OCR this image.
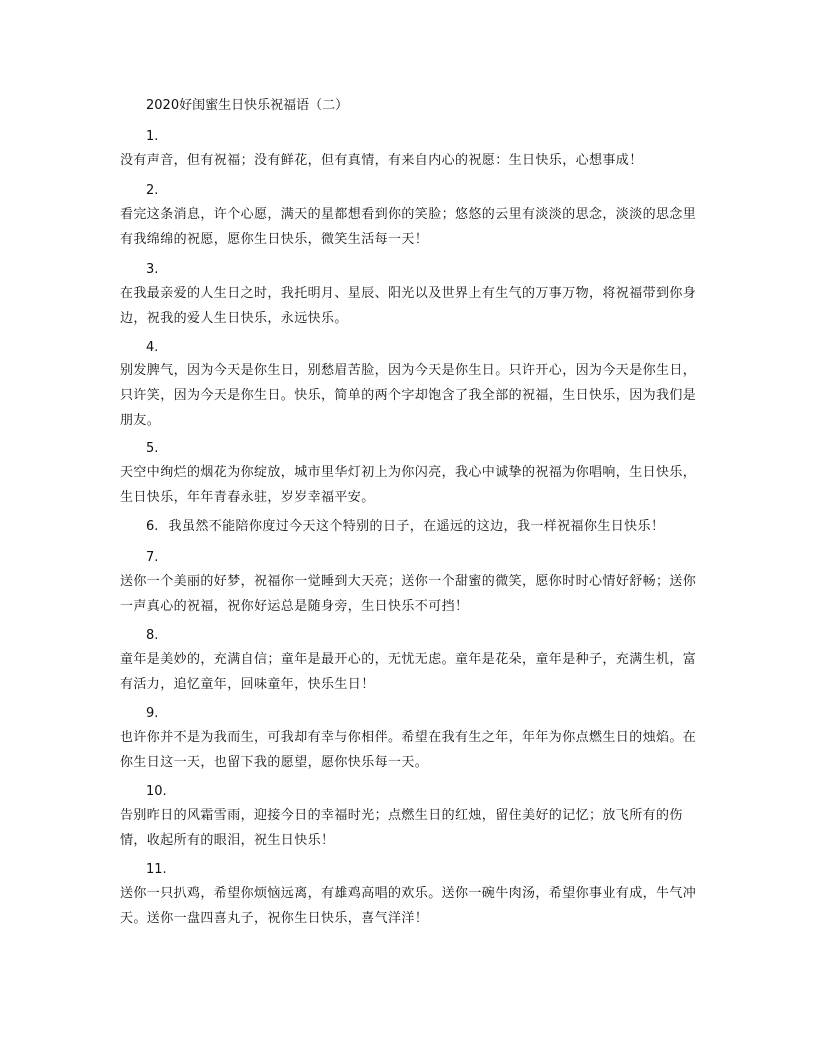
2020好闺蜜生日快乐祝福语（二）
1.
没有声音，但有祝福；没有鲜花，但有真情，有来自内心的祝愿：生日快乐，心想事成！
2.
看完这条消息，许个心愿，满天的星都想看到你的笑脸；悠悠的云里有淡淡的思念，淡淡的思念里有我绵绵的祝愿，愿你生日快乐，微笑生活每一天！
3.
在我最亲爱的人生日之时，我托明月、星辰、阳光以及世界上有生气的万事万物，将祝福带到你身边，祝我的爱人生日快乐，永远快乐。
4.
别发脾气，因为今天是你生日，别愁眉苦脸，因为今天是你生日。只许开心，因为今天是你生日，只许笑，因为今天是你生日。快乐，简单的两个字却饱含了我全部的祝福，生日快乐，因为我们是朋友。
5.
天空中绚烂的烟花为你绽放，城市里华灯初上为你闪亮，我心中诚挚的祝福为你唱响，生日快乐，生日快乐，年年青春永驻，岁岁幸福平安。
6. 我虽然不能陪你度过今天这个特别的日子，在遥远的这边，我一样祝福你生日快乐！
7.
送你一个美丽的好梦，祝福你一觉睡到大天亮；送你一个甜蜜的微笑，愿你时时心情好舒畅；送你一声真心的祝福，祝你好运总是随身旁，生日快乐不可挡！
8.
童年是美妙的，充满自信；童年是最开心的，无忧无虑。童年是花朵，童年是种子，充满生机，富有活力，追忆童年，回味童年，快乐生日！
9.
也许你并不是为我而生，可我却有幸与你相伴。希望在我有生之年，年年为你点燃生日的烛焰。在你生日这一天，也留下我的愿望，愿你快乐每一天。
10.
告别昨日的风霜雪雨，迎接今日的幸福时光；点燃生日的红烛，留住美好的记忆；放飞所有的伤情，收起所有的眼泪，祝生日快乐！
11.
送你一只扒鸡，希望你烦恼远离，有雄鸡高唱的欢乐。送你一碗牛肉汤，希望你事业有成，牛气冲天。送你一盘四喜丸子，祝你生日快乐，喜气洋洋！
